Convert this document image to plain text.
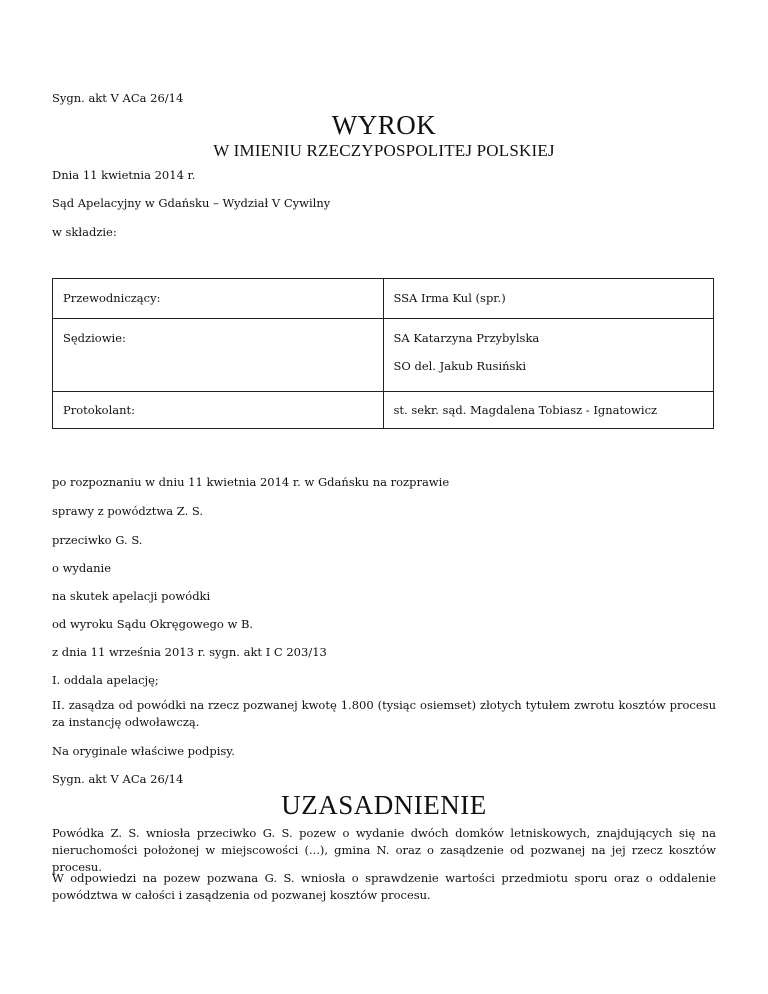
Sygn. akt V ACa 26/14

WYROK
W IMIENIU RZECZYPOSPOLITEJ POLSKIEJ

Dnia 11 kwietnia 2014 r.

Sąd Apelacyjny w Gdańsku – Wydział V Cywilny

w składzie:

Przewodniczący:	SSA Irma Kul (spr.)
Sędziowie:	SA Katarzyna Przybylska
SO del. Jakub Rusiński

Protokolant:	st. sekr. sąd. Magdalena Tobiasz - Ignatowicz

po rozpoznaniu w dniu 11 kwietnia 2014 r. w Gdańsku na rozprawie

sprawy z powództwa Z. S.

przeciwko G. S.

o wydanie

na skutek apelacji powódki

od wyroku Sądu Okręgowego w B.

z dnia 11 września 2013 r. sygn. akt I C 203/13

I. oddala apelację;

II. zasądza od powódki na rzecz pozwanej kwotę 1.800 (tysiąc osiemset) złotych tytułem zwrotu kosztów procesu za instancję odwoławczą.

Na oryginale właściwe podpisy.

Sygn. akt V ACa 26/14

UZASADNIENIE

Powódka Z. S. wniosła przeciwko G. S. pozew o wydanie dwóch domków letniskowych, znajdujących się na nieruchomości położonej w miejscowości (...), gmina N. oraz o zasądzenie od pozwanej na jej rzecz kosztów procesu.

W odpowiedzi na pozew pozwana G. S. wniosła o sprawdzenie wartości przedmiotu sporu oraz o oddalenie powództwa w całości i zasądzenia od pozwanej kosztów procesu.
